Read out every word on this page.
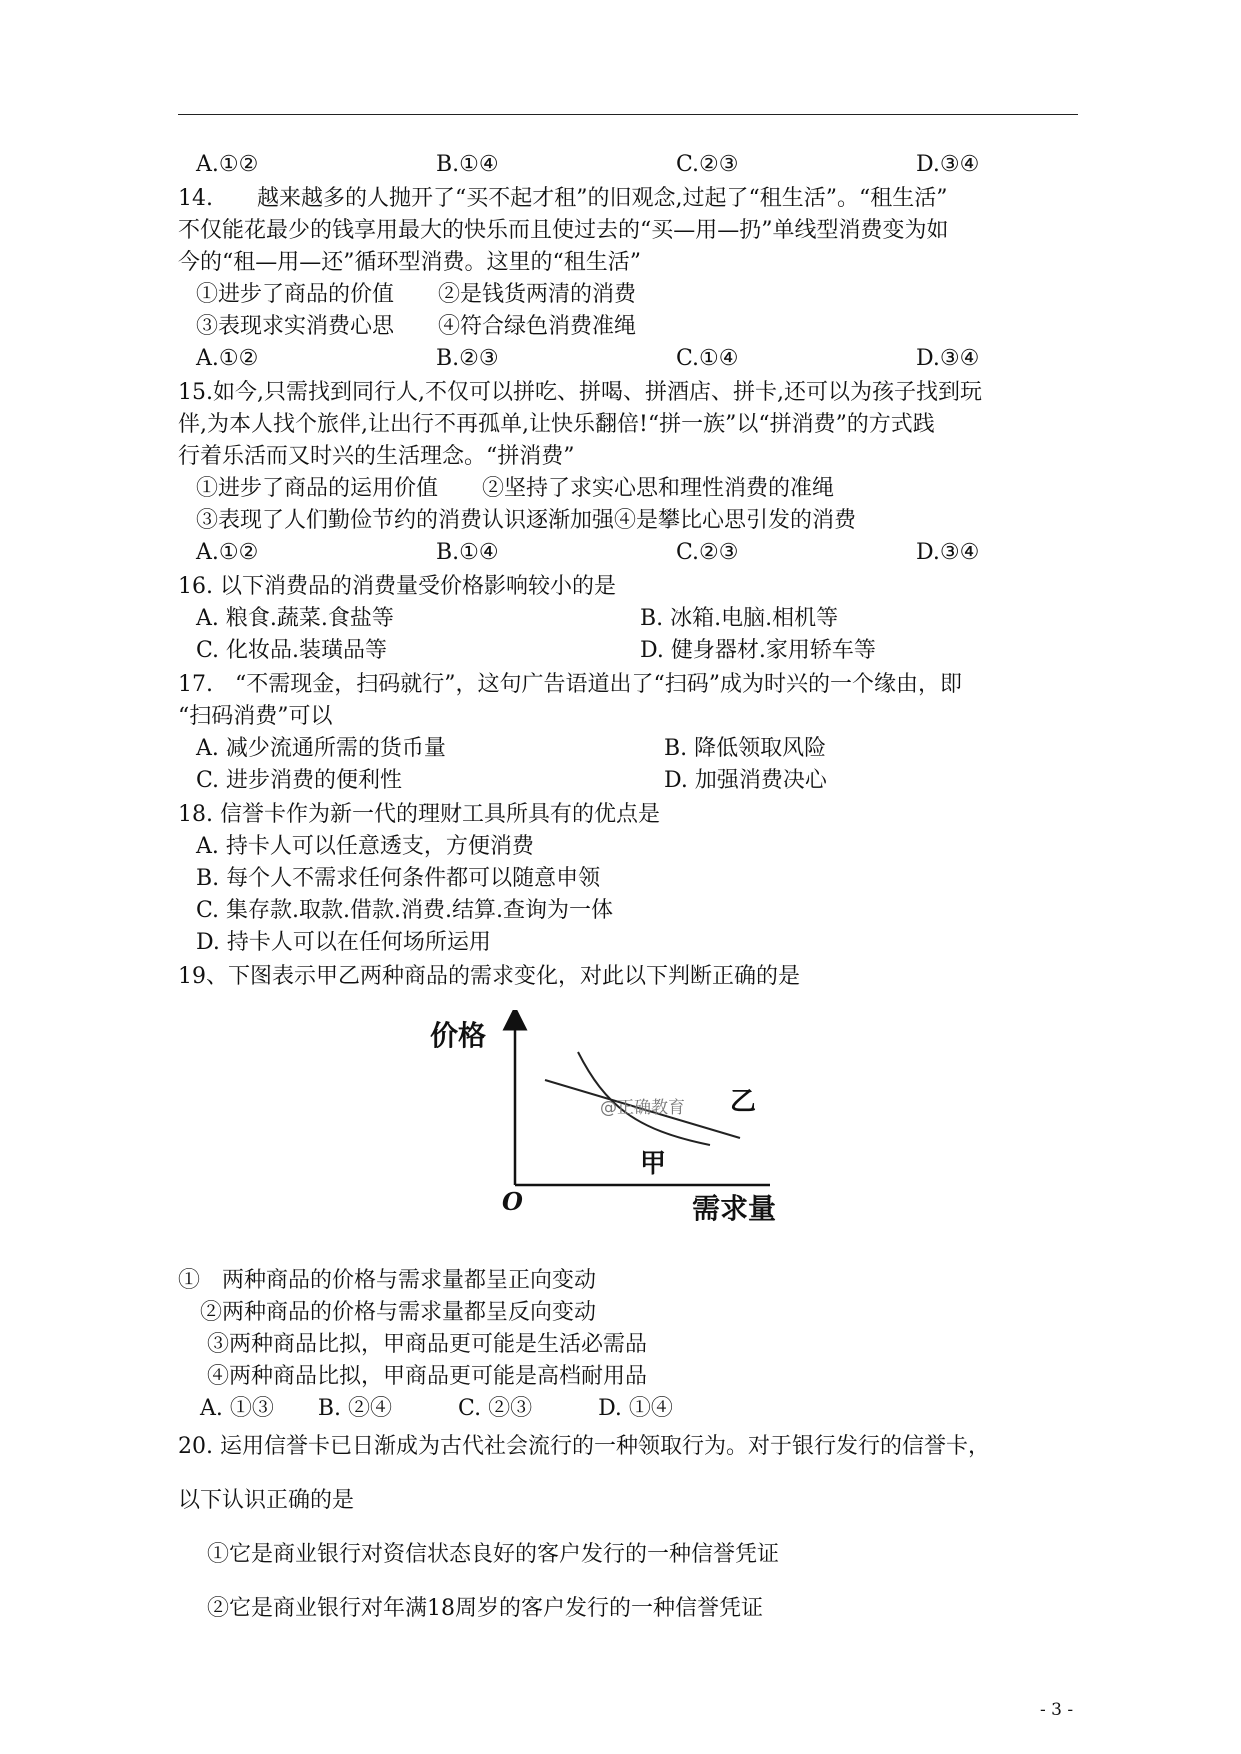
A.①②	B.①④	C.②③	D.③④
14.　　越来越多的人抛开了“买不起才租”的旧观念,过起了“租生活”。“租生活”
不仅能花最少的钱享用最大的快乐而且使过去的“买—用—扔”单线型消费变为如
今的“租—用—还”循环型消费。这里的“租生活”
①进步了商品的价值　　②是钱货两清的消费
③表现求实消费心思　　④符合绿色消费准绳
A.①②	B.②③	C.①④	D.③④
15.如今,只需找到同行人,不仅可以拼吃、拼喝、拼酒店、拼卡,还可以为孩子找到玩
伴,为本人找个旅伴,让出行不再孤单,让快乐翻倍!“拼一族”以“拼消费”的方式践
行着乐活而又时兴的生活理念。“拼消费”
①进步了商品的运用价值　　②坚持了求实心思和理性消费的准绳
③表现了人们勤俭节约的消费认识逐渐加强④是攀比心思引发的消费
A.①②	B.①④	C.②③	D.③④
16. 以下消费品的消费量受价格影响较小的是
A. 粮食.蔬菜.食盐等	B. 冰箱.电脑.相机等
C. 化妆品.装璜品等	D. 健身器材.家用轿车等
17.　“不需现金，扫码就行”，这句广告语道出了“扫码”成为时兴的一个缘由，即
“扫码消费”可以
A. 减少流通所需的货币量	B. 降低领取风险
C. 进步消费的便利性	D. 加强消费决心
18. 信誉卡作为新一代的理财工具所具有的优点是
A. 持卡人可以任意透支，方便消费
B. 每个人不需求任何条件都可以随意申领
C. 集存款.取款.借款.消费.结算.查询为一体
D. 持卡人可以在任何场所运用
19、下图表示甲乙两种商品的需求变化，对此以下判断正确的是
价格
需求量
O
甲
乙
@正确教育
①　两种商品的价格与需求量都呈正向变动
　②两种商品的价格与需求量都呈反向变动
　 ③两种商品比拟，甲商品更可能是生活必需品
　 ④两种商品比拟，甲商品更可能是高档耐用品
　A. ①③　　B. ②④　　　C. ②③　　　D. ①④
20. 运用信誉卡已日渐成为古代社会流行的一种领取行为。对于银行发行的信誉卡，
以下认识正确的是
　 ①它是商业银行对资信状态良好的客户发行的一种信誉凭证
　 ②它是商业银行对年满18周岁的客户发行的一种信誉凭证
- 3 -
